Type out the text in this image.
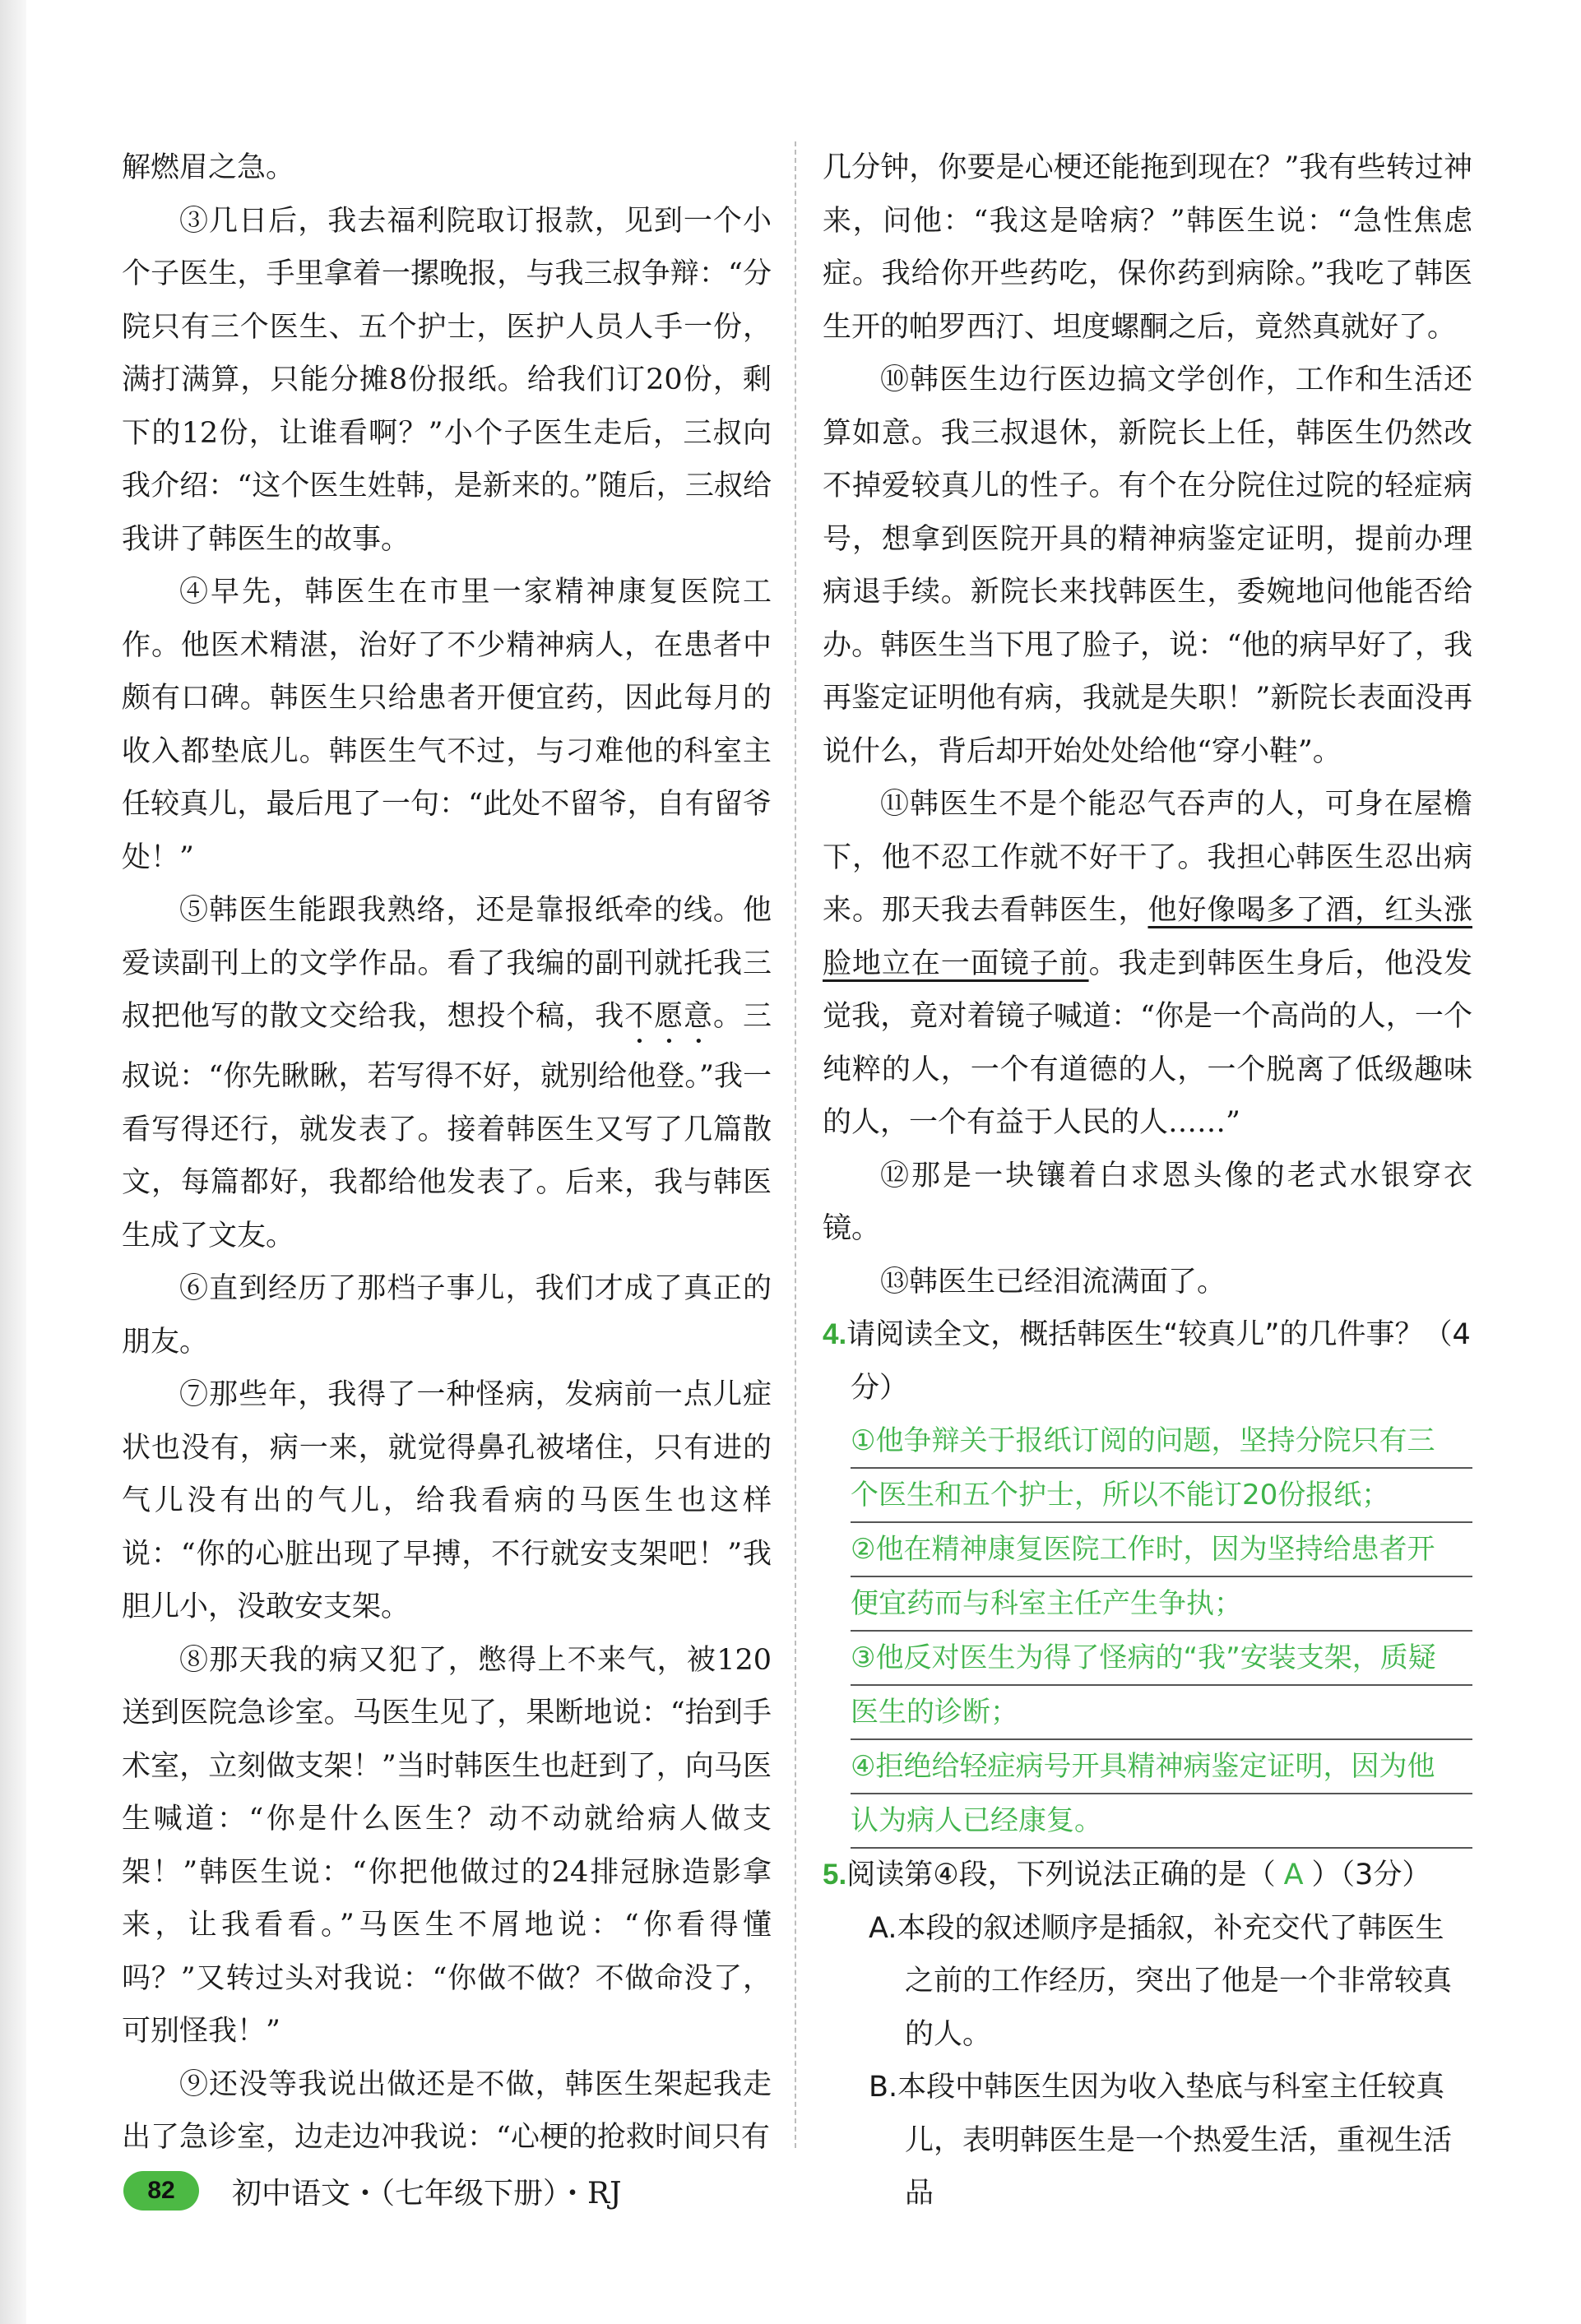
解燃眉之急。

③几日后，我去福利院取订报款，见到一个小个子医生，手里拿着一摞晚报，与我三叔争辩：“分院只有三个医生、五个护士，医护人员人手一份，满打满算，只能分摊8份报纸。给我们订20份，剩下的12份，让谁看啊？”小个子医生走后，三叔向我介绍：“这个医生姓韩，是新来的。”随后，三叔给我讲了韩医生的故事。

④早先，韩医生在市里一家精神康复医院工作。他医术精湛，治好了不少精神病人，在患者中颇有口碑。韩医生只给患者开便宜药，因此每月的收入都垫底儿。韩医生气不过，与刁难他的科室主任较真儿，最后甩了一句：“此处不留爷，自有留爷处！”

⑤韩医生能跟我熟络，还是靠报纸牵的线。他爱读副刊上的文学作品。看了我编的副刊就托我三叔把他写的散文交给我，想投个稿，我不愿意。三叔说：“你先瞅瞅，若写得不好，就别给他登。”我一看写得还行，就发表了。接着韩医生又写了几篇散文，每篇都好，我都给他发表了。后来，我与韩医生成了文友。

⑥直到经历了那档子事儿，我们才成了真正的朋友。

⑦那些年，我得了一种怪病，发病前一点儿症状也没有，病一来，就觉得鼻孔被堵住，只有进的气儿没有出的气儿，给我看病的马医生也这样说：“你的心脏出现了早搏，不行就安支架吧！”我胆儿小，没敢安支架。

⑧那天我的病又犯了，憋得上不来气，被120送到医院急诊室。马医生见了，果断地说：“抬到手术室，立刻做支架！”当时韩医生也赶到了，向马医生喊道：“你是什么医生？动不动就给病人做支架！”韩医生说：“你把他做过的24排冠脉造影拿来，让我看看。”马医生不屑地说：“你看得懂吗？”又转过头对我说：“你做不做？不做命没了，可别怪我！”

⑨还没等我说出做还是不做，韩医生架起我走出了急诊室，边走边冲我说：“心梗的抢救时间只有

几分钟，你要是心梗还能拖到现在？”我有些转过神来，问他：“我这是啥病？”韩医生说：“急性焦虑症。我给你开些药吃，保你药到病除。”我吃了韩医生开的帕罗西汀、坦度螺酮之后，竟然真就好了。

⑩韩医生边行医边搞文学创作，工作和生活还算如意。我三叔退休，新院长上任，韩医生仍然改不掉爱较真儿的性子。有个在分院住过院的轻症病号，想拿到医院开具的精神病鉴定证明，提前办理病退手续。新院长来找韩医生，委婉地问他能否给办。韩医生当下甩了脸子，说：“他的病早好了，我再鉴定证明他有病，我就是失职！”新院长表面没再说什么，背后却开始处处给他“穿小鞋”。

⑪韩医生不是个能忍气吞声的人，可身在屋檐下，他不忍工作就不好干了。我担心韩医生忍出病来。那天我去看韩医生，他好像喝多了酒，红头涨脸地立在一面镜子前。我走到韩医生身后，他没发觉我，竟对着镜子喊道：“你是一个高尚的人，一个纯粹的人，一个有道德的人，一个脱离了低级趣味的人，一个有益于人民的人……”

⑫那是一块镶着白求恩头像的老式水银穿衣镜。

⑬韩医生已经泪流满面了。

4.请阅读全文，概括韩医生“较真儿”的几件事？（4分）

①他争辩关于报纸订阅的问题，坚持分院只有三
个医生和五个护士，所以不能订20份报纸；
②他在精神康复医院工作时，因为坚持给患者开
便宜药而与科室主任产生争执；
③他反对医生为得了怪病的“我”安装支架，质疑
医生的诊断；
④拒绝给轻症病号开具精神病鉴定证明，因为他
认为病人已经康复。

5.阅读第④段，下列说法正确的是（ A ）（3分）

A.本段的叙述顺序是插叙，补充交代了韩医生之前的工作经历，突出了他是一个非常较真的人。

B.本段中韩医生因为收入垫底与科室主任较真儿，表明韩医生是一个热爱生活，重视生活品

82	初中语文・（七年级下册）・RJ
